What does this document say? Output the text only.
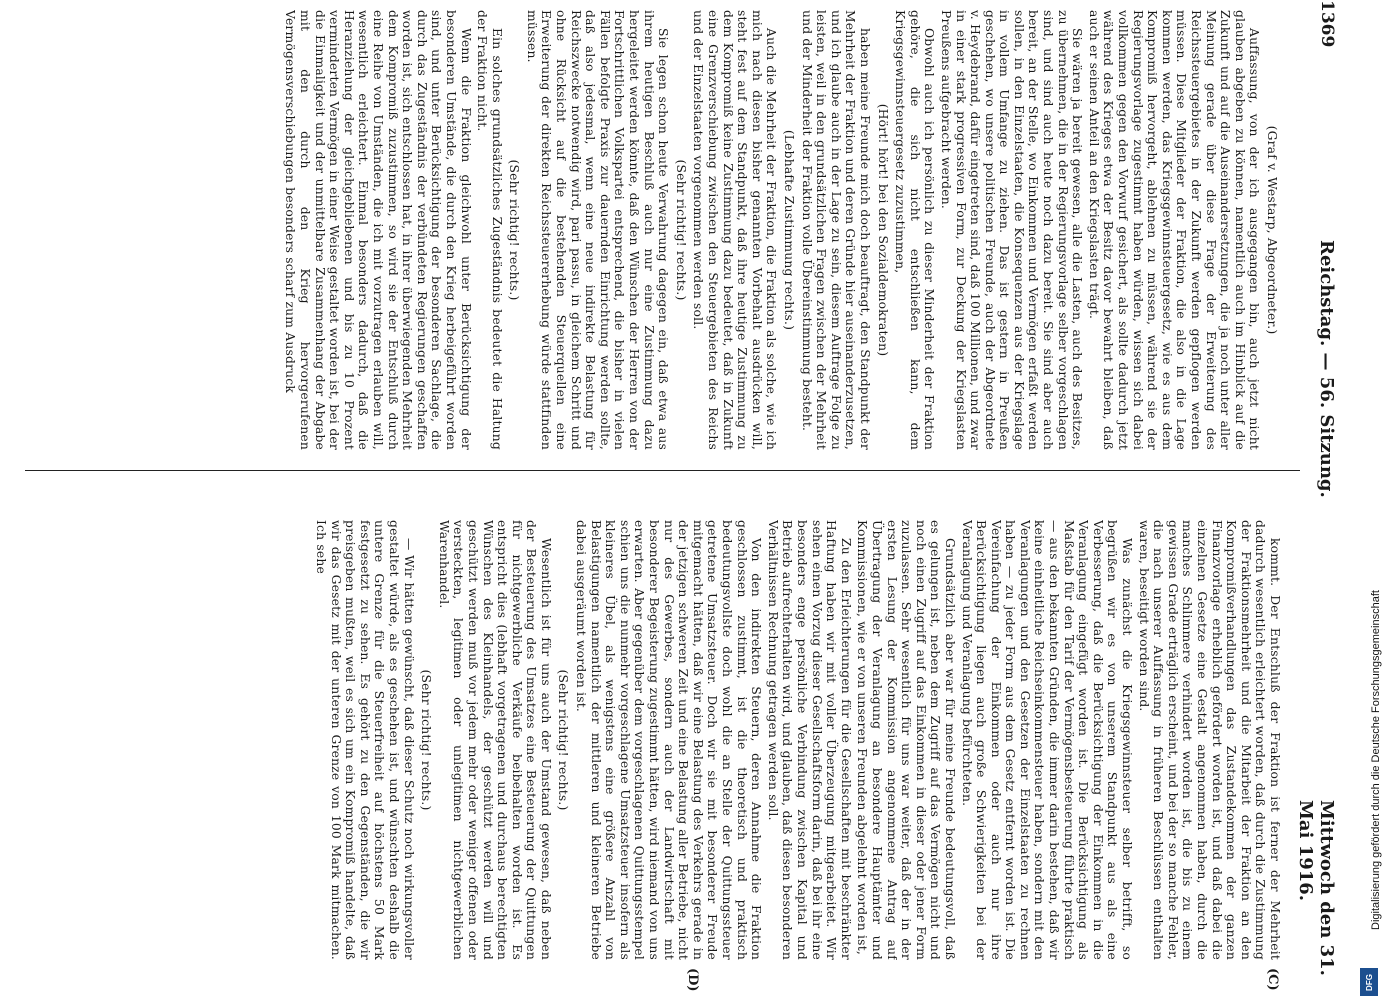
1369
Reichstag. — 56. Sitzung.
Mittwoch den 31. Mai 1916.
(C)
(D)

(Graf v. Westarp, Abgeordneter.)

Auffassung, von der ich ausgegangen bin, auch jetzt nicht glauben abgeben zu können, namentlich auch im Hinblick auf die Zukunft und auf die Auseinandersetzungen, die ja noch unter aller Meinung gerade über diese Frage der Erweiterung des Reichssteuergebietes in der Zukunft werden gepflogen werden müssen. Diese Mitglieder der Fraktion, die also in die Lage kommen werden, das Kriegsgewinnsteuergesetz, wie es aus dem Kompromiß hervorgeht, ablehnen zu müssen, während sie der Regierungsvorlage zugestimmt haben würden, wissen sich dabei vollkommen gegen den Vorwurf gesichert, als sollte dadurch jetzt während des Krieges etwa der Besitz davor bewahrt bleiben, daß auch er seinen Anteil an den Kriegslasten trägt.

Sie wären ja bereit gewesen, alle die Lasten, auch des Besitzes, zu übernehmen, die in der Regierungsvorlage selber vorgeschlagen sind, und sind auch heute noch dazu bereit. Sie sind aber auch bereit, an der Stelle, wo Einkommen und Vermögen erfaßt werden sollen, in den Einzelstaaten, die Konsequenzen aus der Kriegslage in vollem Umfange zu ziehen. Das ist gestern in Preußen geschehen, wo unsere politischen Freunde, auch der Abgeordnete v. Heydebrand, dafür eingetreten sind, daß 100 Millionen, und zwar in einer stark progressiven Form, zur Deckung der Kriegslasten Preußens aufgebracht werden.

Obwohl auch ich persönlich zu dieser Minderheit der Fraktion gehöre, die sich nicht entschließen kann, dem Kriegsgewinnsteuergesetz zuzustimmen,

(Hört! hört! bei den Sozialdemokraten)

haben meine Freunde mich doch beauftragt, den Standpunkt der Mehrheit der Fraktion und deren Gründe hier auseinanderzusetzen, und ich glaube auch in der Lage zu sein, diesem Auftrage Folge zu leisten, weil in den grundsätzlichen Fragen zwischen der Mehrheit und der Minderheit der Fraktion volle Übereinstimmung besteht.

(Lebhafte Zustimmung rechts.)

Auch die Mehrheit der Fraktion, die Fraktion als solche, wie ich mich nach diesen bisher genannten Vorbehalt ausdrücken will, steht fest auf dem Standpunkt, daß ihre heutige Zustimmung zu dem Kompromiß keine Zustimmung dazu bedeutet, daß in Zukunft eine Grenzverschiebung zwischen den Steuergebieten des Reichs und der Einzelstaaten vorgenommen werden soll.

(Sehr richtig! rechts.)

Sie legen schon heute Verwahrung dagegen ein, daß etwa aus ihrem heutigen Beschluß auch nur eine Zustimmung dazu hergeleitet werden könnte, daß den Wünschen der Herren von der Fortschrittlichen Volkspartei entsprechend, die bisher in vielen Fällen befolgte Praxis zur dauernden Einrichtung werden sollte, daß also jedesmal, wenn eine neue indirekte Belastung für Reichszwecke notwendig wird, pari passu, in gleichem Schritt und ohne Rücksicht auf die bestehenden Steuerquellen eine Erweiterung der direkten Reichssteuererhebung würde stattfinden müssen.

(Sehr richtig! rechts.)

Ein solches grundsätzliches Zugeständnis bedeutet die Haltung der Fraktion nicht.

Wenn die Fraktion gleichwohl unter Berücksichtigung der besonderen Umstände, die durch den Krieg herbeigeführt worden sind, und unter Berücksichtigung der besonderen Sachlage, die durch das Zugeständnis der verbündeten Regierungen geschaffen worden ist, sich entschlossen hat, in ihrer überwiegenden Mehrheit dem Kompromiß zuzustimmen, so wird sie der Entschluß durch eine Reihe von Umständen, die ich mit vorzutragen erlauben will, wesentlich erleichtert. Einmal besonders dadurch, daß die Heranziehung der gleichgebliebenen und bis zu 10 Prozent verminderten Vermögen in einer Weise gestaltet worden ist, bei der die Einmaligkeit und der unmittelbare Zusammenhang der Abgabe mit den durch den Krieg hervorgerufenen Vermögensverschiebungen besonders scharf zum Ausdruck

kommt. Der Entschluß der Fraktion ist ferner der Mehrheit dadurch wesentlich erleichtert worden, daß durch die Zustimmung der Fraktionsmehrheit und die Mitarbeit der Fraktion an den Kompromißverhandlungen das Zustandekommen der ganzen Finanzvorlage erheblich gefördert worden ist, und daß dabei die einzelnen Gesetze eine Gestalt angenommen haben, durch die manches Schlimmere verhindert worden ist, die bis zu einem gewissen Grade erträglich erscheint, und bei der so manche Fehler, die nach unserer Auffassung in früheren Beschlüssen enthalten waren, beseitigt worden sind.

Was zunächst die Kriegsgewinnsteuer selber betrifft, so begrüßen wir es von unserem Standpunkt aus als eine Verbesserung, daß die Berücksichtigung der Einkommen in die Veranlagung eingefügt worden ist. Die Berücksichtigung als Maßstab für den Tarif der Vermögensbesteuerung führte praktisch — aus den bekannten Gründen, die immer darin bestehen, daß wir keine einheitliche Reichseinkommensteuer haben, sondern mit den Veranlagungen und den Gesetzen der Einzelstaaten zu rechnen haben — zu jeder Form aus dem Gesetz entfernt worden ist. Die Vereinfachung der Einkommen oder auch nur ihre Berücksichtigung liegen auch große Schwierigkeiten bei der Veranlagung und Veranlagung befürchteten.

Grundsätzlich aber war für meine Freunde bedeutungsvoll, daß es gelungen ist, neben dem Zugriff auf das Vermögen nicht und noch einen Zugriff auf das Einkommen in dieser oder jener Form zuzulassen. Sehr wesentlich für uns war weiter, daß der in der ersten Lesung der Kommission angenommene Antrag auf Übertragung der Veranlagung an besondere Hauptämter und Kommissionen, wie er von unseren Freunden abgelehnt worden ist,

Zu den Erleichterungen für die Gesellschaften mit beschränkter Haftung haben wir mit voller Überzeugung mitgearbeitet. Wir sehen einen Vorzug dieser Gesellschaftsform darin, daß bei ihr eine besonders enge persönliche Verbindung zwischen Kapital und Betrieb aufrechterhalten wird, und glauben, daß diesen besonderen Verhältnissen Rechnung getragen werden soll.

Von den indirekten Steuern, deren Annahme die Fraktion geschlossen zustimmt, ist die theoretisch und praktisch bedeutungsvollste doch wohl die an Stelle der Quittungssteuer getretene Umsatzsteuer. Doch wir sie mit besonderer Freude mitgemacht hätten, daß wir eine Belastung des Verkehrs gerade in der jetzigen schweren Zeit und eine Belastung aller Betriebe, nicht nur des Gewerbes, sondern auch der Landwirtschaft mit besonderer Begeisterung zugestimmt hätten, wird niemand von uns erwarten. Aber gegenüber dem vorgeschlagenen Quittungsstempel schien uns die nunmehr vorgeschlagene Umsatzsteuer insofern als kleineres Übel, als wenigstens eine größere Anzahl von Belastigungen namentlich der mittleren und kleineren Betriebe dabei ausgeräumt worden ist.

(Sehr richtig! rechts.)

Wesentlich ist für uns auch der Umstand gewesen, daß neben der Besteuerung des Umsatzes eine Besteuerung der Quittungen für nichtgewerbliche Verkäufe beibehalten worden ist. Es entspricht dies (lebhaft vorgetragenen und durchaus berechtigten Wünschen des Kleinhandels, der geschützt werden will und geschützt werden muß vor jedem mehr oder weniger offenen oder versteckten, legitimen oder unlegitimen nichtgewerblichen Warenhandel.

(Sehr richtig! rechts.)

— Wir hätten gewünscht, daß dieser Schutz noch wirkungsvoller gestaltet würde, als es geschehen ist, und wünschten deshalb die untere Grenze für die Steuerfreiheit auf höchstens 50 Mark festgesetzt zu sehen. Es gehört zu den Gegenständen, die wir preisgeben mußten, weil es sich um ein Kompromiß handelte, daß wir das Gesetz mit der unteren Grenze von 100 Mark mitmachen. Ich sehe

Digitalisierung gefördert durch die Deutsche Forschungsgemeinschaft
DFG
